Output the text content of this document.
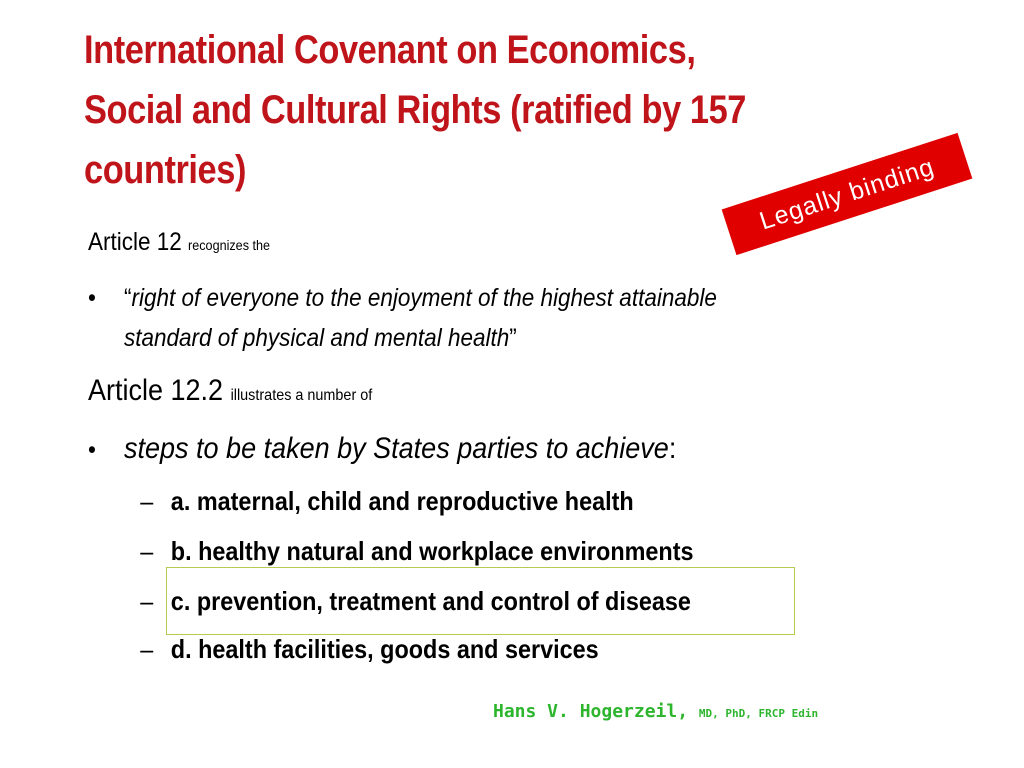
International Covenant on Economics,
Social and Cultural Rights (ratified by 157
countries)	Legally binding
Article 12 recognizes the
• “right of everyone to the enjoyment of the highest attainable
standard of physical and mental health”
Article 12.2 illustrates a number of
• steps to be taken by States parties to achieve:
– a. maternal, child and reproductive health
– b. healthy natural and workplace environments
– c. prevention, treatment and control of disease
– d. health facilities, goods and services
Hans V. Hogerzeil, MD, PhD, FRCP Edin
